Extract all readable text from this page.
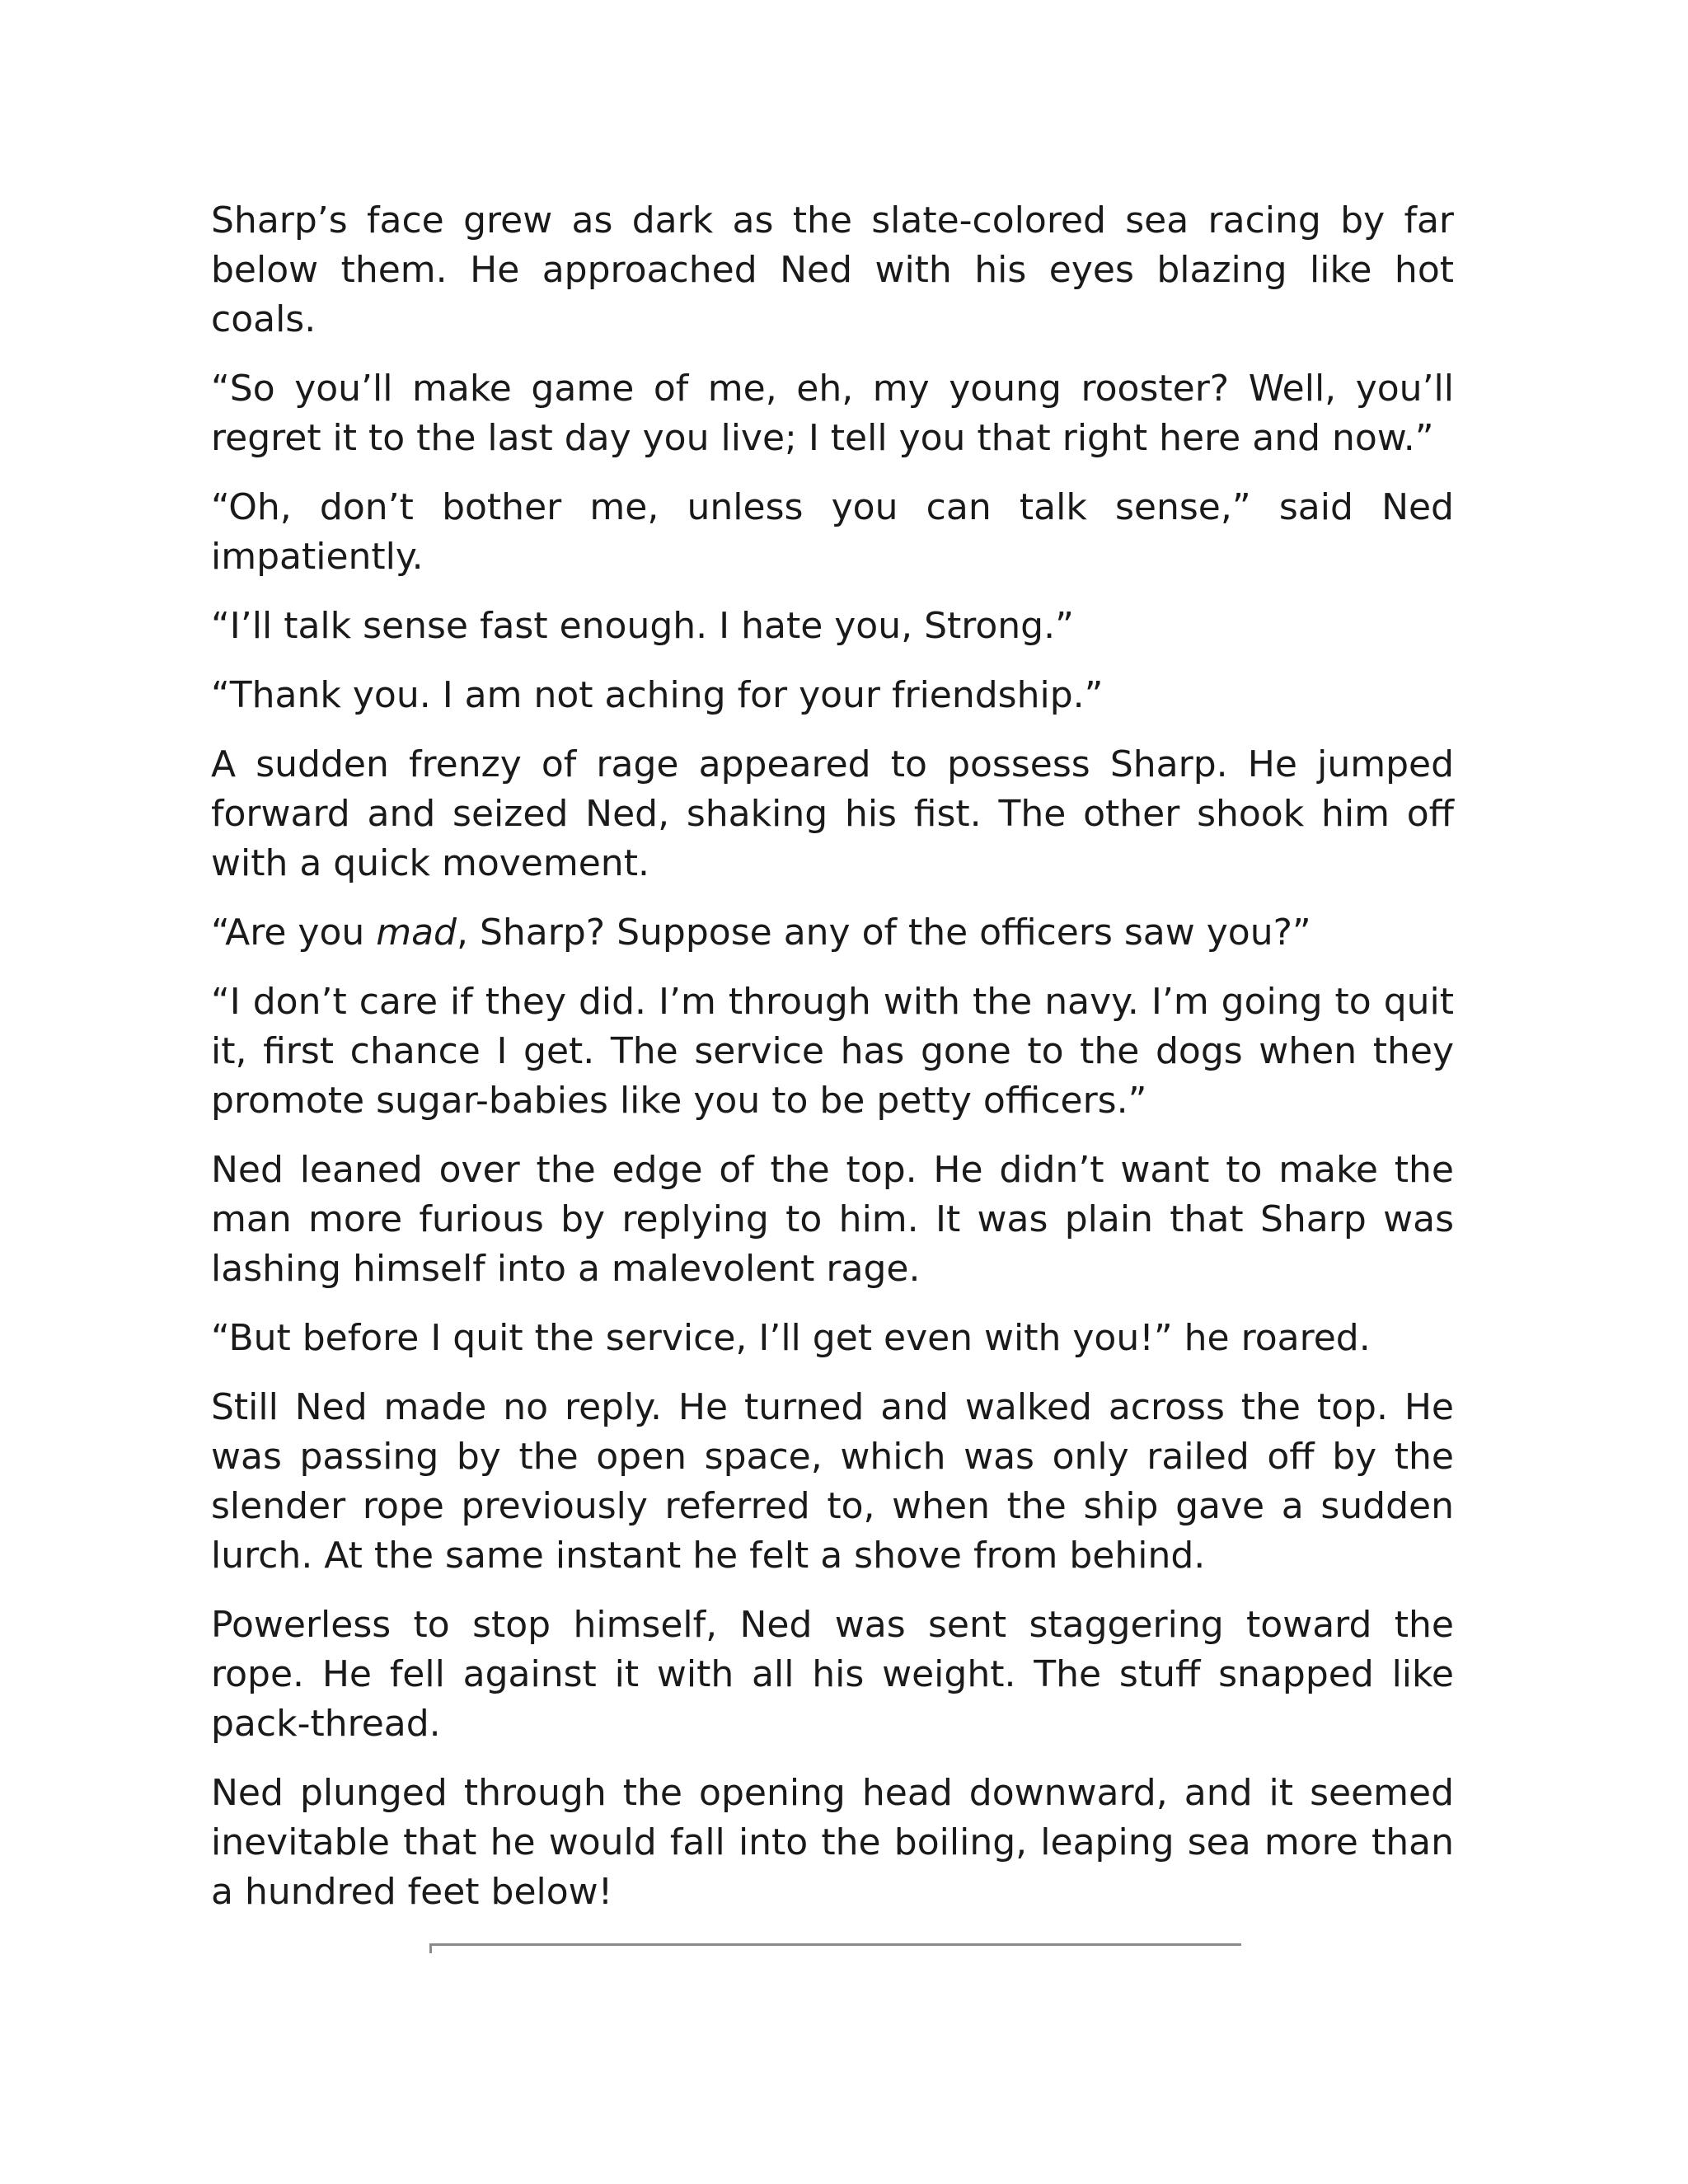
Sharp’s face grew as dark as the slate-colored sea racing by far below them. He approached Ned with his eyes blazing like hot coals.

“So you’ll make game of me, eh, my young rooster? Well, you’ll regret it to the last day you live; I tell you that right here and now.”

“Oh, don’t bother me, unless you can talk sense,” said Ned impatiently.

“I’ll talk sense fast enough. I hate you, Strong.”

“Thank you. I am not aching for your friendship.”

A sudden frenzy of rage appeared to possess Sharp. He jumped forward and seized Ned, shaking his fist. The other shook him off with a quick movement.

“Are you mad, Sharp? Suppose any of the officers saw you?”

“I don’t care if they did. I’m through with the navy. I’m going to quit it, first chance I get. The service has gone to the dogs when they promote sugar-babies like you to be petty officers.”

Ned leaned over the edge of the top. He didn’t want to make the man more furious by replying to him. It was plain that Sharp was lashing himself into a malevolent rage.

“But before I quit the service, I’ll get even with you!” he roared.

Still Ned made no reply. He turned and walked across the top. He was passing by the open space, which was only railed off by the slender rope previously referred to, when the ship gave a sudden lurch. At the same instant he felt a shove from behind.

Powerless to stop himself, Ned was sent staggering toward the rope. He fell against it with all his weight. The stuff snapped like pack-thread.

Ned plunged through the opening head downward, and it seemed inevitable that he would fall into the boiling, leaping sea more than a hundred feet below!
